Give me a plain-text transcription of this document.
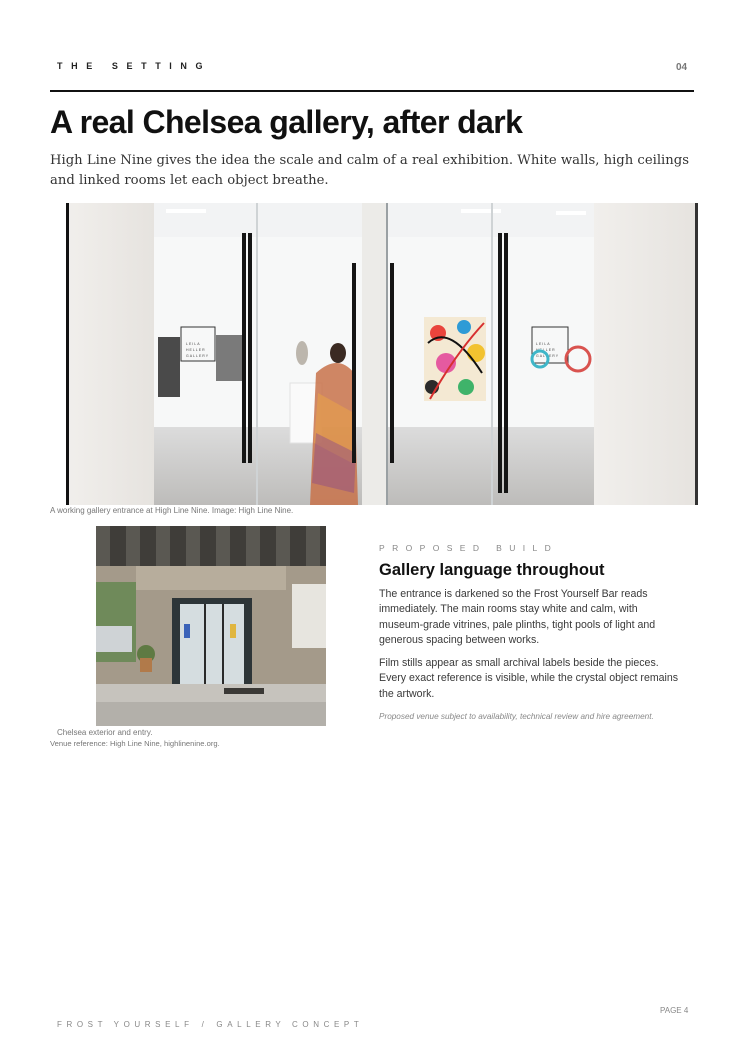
THE SETTING	04
A real Chelsea gallery, after dark

High Line Nine gives the idea the scale and calm of a real exhibition. White walls, high ceilings and linked rooms let each object breathe.

LEILA
HELLER
GALLERY
LEILA
HELLER
GALLERY
A working gallery entrance at High Line Nine. Image: High Line Nine.
Chelsea exterior and entry.
Venue reference: High Line Nine, highlinenine.org.
PROPOSED BUILD
Gallery language throughout

The entrance is darkened so the Frost Yourself Bar reads immediately. The main rooms stay white and calm, with museum-grade vitrines, pale plinths, tight pools of light and generous spacing between works.

Film stills appear as small archival labels beside the pieces. Every exact reference is visible, while the crystal object remains the artwork.

Proposed venue subject to availability, technical review and hire agreement.
PAGE 4
FROST YOURSELF / GALLERY CONCEPT
